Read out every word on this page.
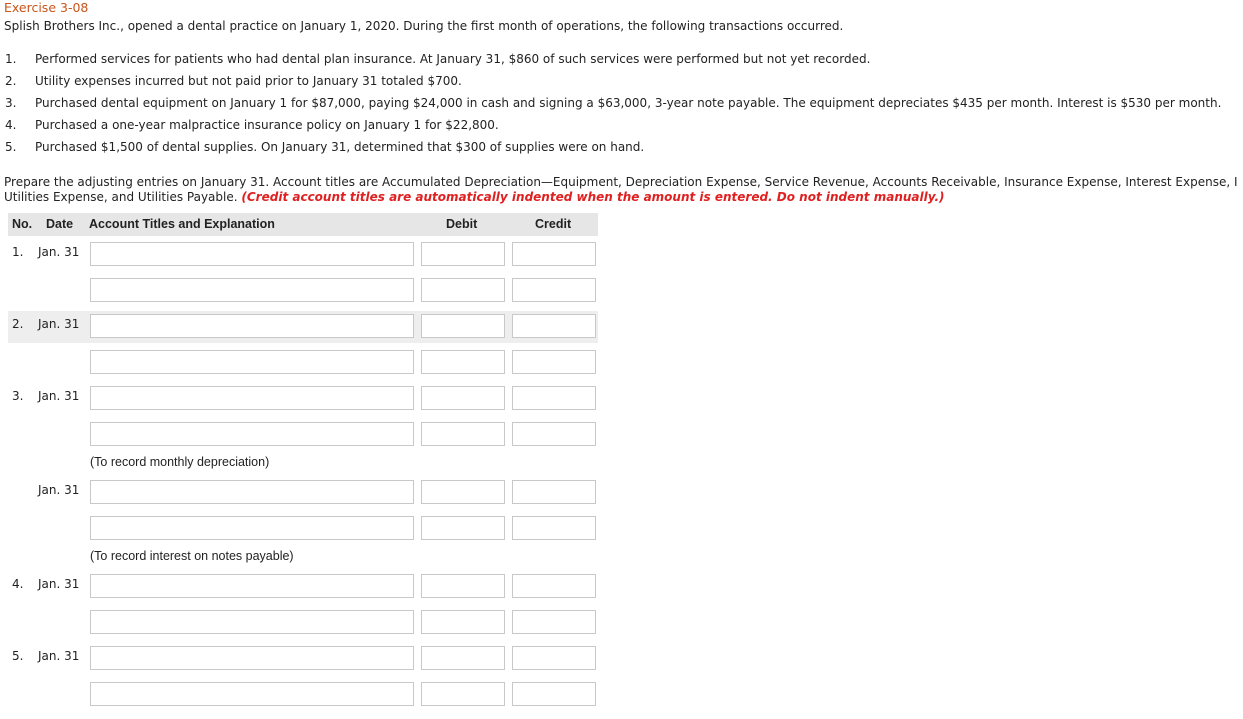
Exercise 3-08
Splish Brothers Inc., opened a dental practice on January 1, 2020. During the first month of operations, the following transactions occurred.
1. Performed services for patients who had dental plan insurance. At January 31, $860 of such services were performed but not yet recorded.
2. Utility expenses incurred but not paid prior to January 31 totaled $700.
3. Purchased dental equipment on January 1 for $87,000, paying $24,000 in cash and signing a $63,000, 3-year note payable. The equipment depreciates $435 per month. Interest is $530 per month.
4. Purchased a one-year malpractice insurance policy on January 1 for $22,800.
5. Purchased $1,500 of dental supplies. On January 31, determined that $300 of supplies were on hand.
Prepare the adjusting entries on January 31. Account titles are Accumulated Depreciation—Equipment, Depreciation Expense, Service Revenue, Accounts Receivable, Insurance Expense, Interest Expense, I
Utilities Expense, and Utilities Payable. (Credit account titles are automatically indented when the amount is entered. Do not indent manually.)
No. Date Account Titles and Explanation	Debit	Credit
1. Jan. 31
2. Jan. 31
3. Jan. 31
(To record monthly depreciation)
Jan. 31
(To record interest on notes payable)
4. Jan. 31
5. Jan. 31
